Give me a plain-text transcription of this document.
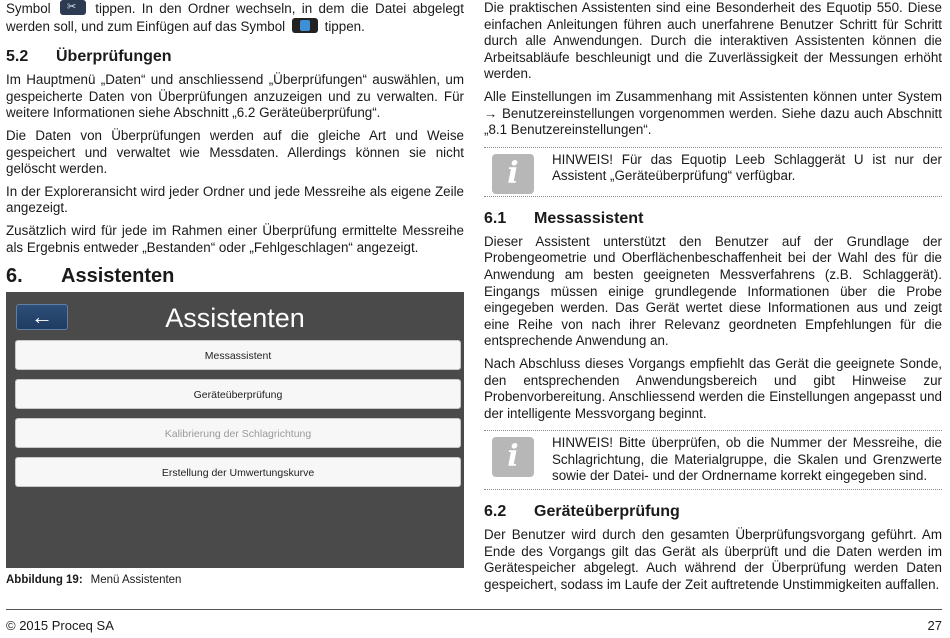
Symbol ✂	tippen. In den Ordner wechseln, in dem die Datei abgelegt werden soll, und zum Einfügen auf das Symbol	tippen.

5.2 Überprüfungen

Im Hauptmenü „Daten“ und anschliessend „Überprüfungen“ auswählen, um gespeicherte Daten von Überprüfungen anzuzeigen und zu verwalten. Für weitere Informationen siehe Abschnitt „6.2 Geräteüberprüfung“.

Die Daten von Überprüfungen werden auf die gleiche Art und Weise gespeichert und verwaltet wie Messdaten. Allerdings können sie nicht gelöscht werden.

In der Exploreransicht wird jeder Ordner und jede Messreihe als eigene Zeile angezeigt.

Zusätzlich wird für jede im Rahmen einer Überprüfung ermittelte Messreihe als Ergebnis entweder „Bestanden“ oder „Fehlgeschlagen“ angezeigt.

6. Assistenten
←
Assistenten
Messassistent
Geräteüberprüfung
Kalibrierung der Schlagrichtung
Erstellung der Umwertungskurve
Abbildung 19: Menü Assistenten

Die praktischen Assistenten sind eine Besonderheit des Equotip 550. Diese einfachen Anleitungen führen auch unerfahrene Benutzer Schritt für Schritt durch alle Anwendungen. Durch die interaktiven Assistenten können die Arbeitsabläufe beschleunigt und die Zuverlässigkeit der Messungen erhöht werden.

Alle Einstellungen im Zusammenhang mit Assistenten können unter System → Benutzereinstellungen vorgenommen werden. Siehe dazu auch Abschnitt „8.1 Benutzereinstellungen“.

i	HINWEIS! Für das Equotip Leeb Schlaggerät U ist nur der Assistent „Geräteüberprüfung“ verfügbar.
6.1 Messassistent

Dieser Assistent unterstützt den Benutzer auf der Grundlage der Probengeometrie und Oberflächenbeschaffenheit bei der Wahl des für die Anwendung am besten geeigneten Messverfahrens (z.B. Schlaggerät). Eingangs müssen einige grundlegende Informationen über die Probe eingegeben werden. Das Gerät wertet diese Informationen aus und zeigt eine Reihe von nach ihrer Relevanz geordneten Empfehlungen für die entsprechende Anwendung an.

Nach Abschluss dieses Vorgangs empfiehlt das Gerät die geeignete Sonde, den entsprechenden Anwendungsbereich und gibt Hinweise zur Probenvorbereitung. Anschliessend werden die Einstellungen angepasst und der intelligente Messvorgang beginnt.

i	HINWEIS! Bitte überprüfen, ob die Nummer der Messreihe, die Schlagrichtung, die Materialgruppe, die Skalen und Grenzwerte sowie der Datei- und der Ordnername korrekt eingegeben sind.
6.2 Geräteüberprüfung

Der Benutzer wird durch den gesamten Überprüfungsvorgang geführt. Am Ende des Vorgangs gilt das Gerät als überprüft und die Daten werden im Gerätespeicher abgelegt. Auch während der Überprüfung werden Daten gespeichert, sodass im Laufe der Zeit auftretende Unstimmigkeiten auffallen.

© 2015 Proceq SA	27
